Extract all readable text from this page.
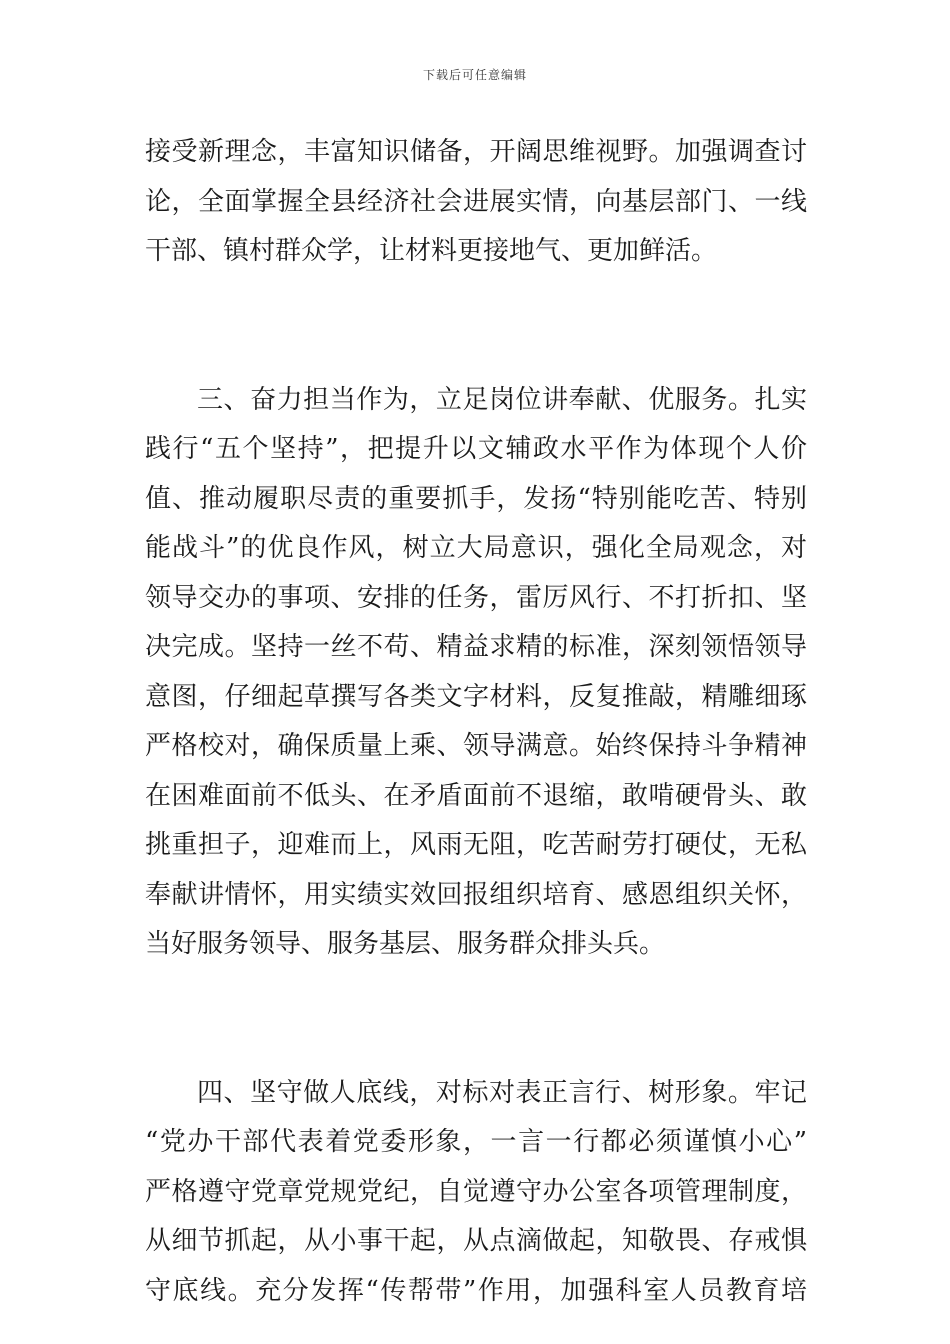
下载后可任意编辑
接受新理念，丰富知识储备，开阔思维视野。加强调查讨
论，全面掌握全县经济社会进展实情，向基层部门、一线
干部、镇村群众学，让材料更接地气、更加鲜活。
三、奋力担当作为，立足岗位讲奉献、优服务。扎实
践行“五个坚持”，把提升以文辅政水平作为体现个人价
值、推动履职尽责的重要抓手，发扬“特别能吃苦、特别
能战斗”的优良作风，树立大局意识，强化全局观念，对
领导交办的事项、安排的任务，雷厉风行、不打折扣、坚
决完成。坚持一丝不苟、精益求精的标准，深刻领悟领导
意图，仔细起草撰写各类文字材料，反复推敲，精雕细琢
严格校对，确保质量上乘、领导满意。始终保持斗争精神
在困难面前不低头、在矛盾面前不退缩，敢啃硬骨头、敢
挑重担子，迎难而上，风雨无阻，吃苦耐劳打硬仗，无私
奉献讲情怀，用实绩实效回报组织培育、感恩组织关怀，
当好服务领导、服务基层、服务群众排头兵。
四、坚守做人底线，对标对表正言行、树形象。牢记
“党办干部代表着党委形象，一言一行都必须谨慎小心”
严格遵守党章党规党纪，自觉遵守办公室各项管理制度，
从细节抓起，从小事干起，从点滴做起，知敬畏、存戒惧
守底线。充分发挥“传帮带”作用，加强科室人员教育培
